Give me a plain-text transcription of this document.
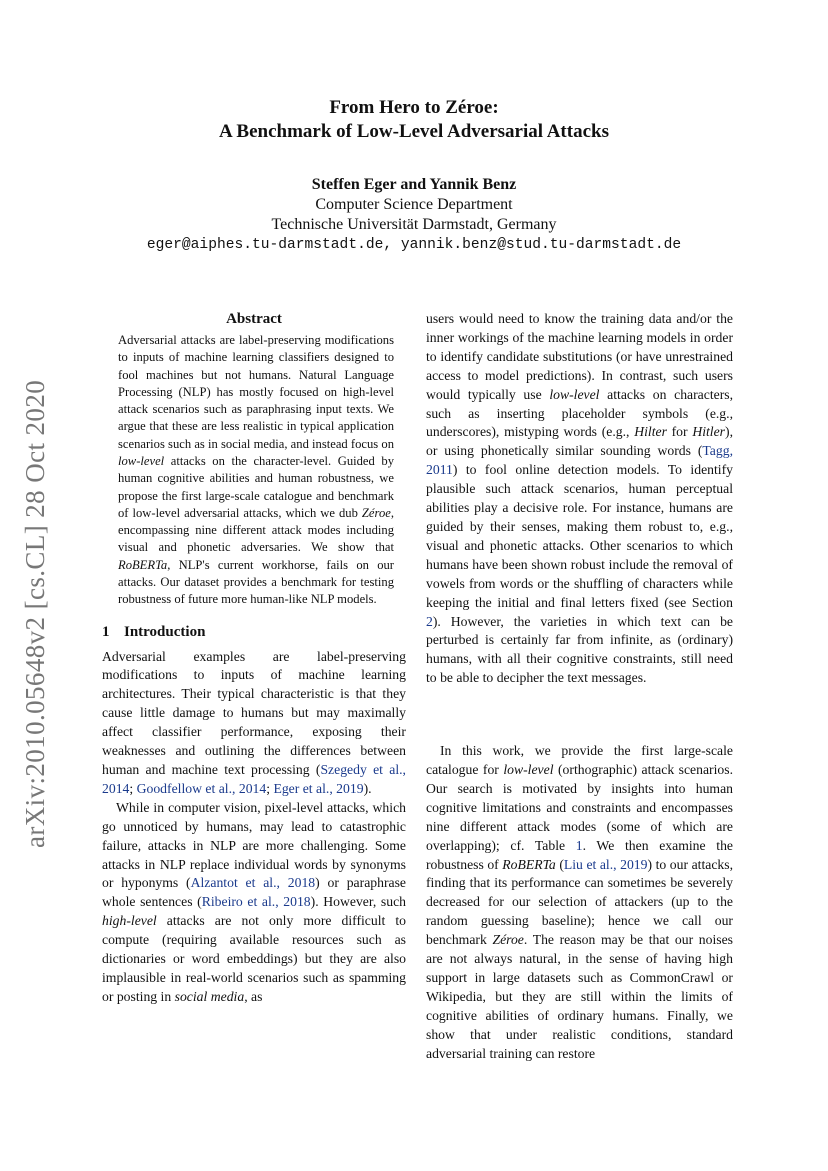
From Hero to Zéroe:
A Benchmark of Low-Level Adversarial Attacks
Steffen Eger and Yannik Benz
Computer Science Department
Technische Universität Darmstadt, Germany
eger@aiphes.tu-darmstadt.de, yannik.benz@stud.tu-darmstadt.de
arXiv:2010.05648v2 [cs.CL] 28 Oct 2020
Abstract

Adversarial attacks are label-preserving modifications to inputs of machine learning classifiers designed to fool machines but not humans. Natural Language Processing (NLP) has mostly focused on high-level attack scenarios such as paraphrasing input texts. We argue that these are less realistic in typical application scenarios such as in social media, and instead focus on low-level attacks on the character-level. Guided by human cognitive abilities and human robustness, we propose the first large-scale catalogue and benchmark of low-level adversarial attacks, which we dub Zéroe, encompassing nine different attack modes including visual and phonetic adversaries. We show that RoBERTa, NLP's current workhorse, fails on our attacks. Our dataset provides a benchmark for testing robustness of future more human-like NLP models.

1 Introduction

Adversarial examples are label-preserving modifications to inputs of machine learning architectures. Their typical characteristic is that they cause little damage to humans but may maximally affect classifier performance, exposing their weaknesses and outlining the differences between human and machine text processing (Szegedy et al., 2014; Goodfellow et al., 2014; Eger et al., 2019).

While in computer vision, pixel-level attacks, which go unnoticed by humans, may lead to catastrophic failure, attacks in NLP are more challenging. Some attacks in NLP replace individual words by synonyms or hyponyms (Alzantot et al., 2018) or paraphrase whole sentences (Ribeiro et al., 2018). However, such high-level attacks are not only more difficult to compute (requiring available resources such as dictionaries or word embeddings) but they are also implausible in real-world scenarios such as spamming or posting in social media, as

users would need to know the training data and/or the inner workings of the machine learning models in order to identify candidate substitutions (or have unrestrained access to model predictions). In contrast, such users would typically use low-level attacks on characters, such as inserting placeholder symbols (e.g., underscores), mistyping words (e.g., Hilter for Hitler), or using phonetically similar sounding words (Tagg, 2011) to fool online detection models. To identify plausible such attack scenarios, human perceptual abilities play a decisive role. For instance, humans are guided by their senses, making them robust to, e.g., visual and phonetic attacks. Other scenarios to which humans have been shown robust include the removal of vowels from words or the shuffling of characters while keeping the initial and final letters fixed (see Section 2). However, the varieties in which text can be perturbed is certainly far from infinite, as (ordinary) humans, with all their cognitive constraints, still need to be able to decipher the text messages.

In this work, we provide the first large-scale catalogue for low-level (orthographic) attack scenarios. Our search is motivated by insights into human cognitive limitations and constraints and encompasses nine different attack modes (some of which are overlapping); cf. Table 1. We then examine the robustness of RoBERTa (Liu et al., 2019) to our attacks, finding that its performance can sometimes be severely decreased for our selection of attackers (up to the random guessing baseline); hence we call our benchmark Zéroe. The reason may be that our noises are not always natural, in the sense of having high support in large datasets such as CommonCrawl or Wikipedia, but they are still within the limits of cognitive abilities of ordinary humans. Finally, we show that under realistic conditions, standard adversarial training can restore
